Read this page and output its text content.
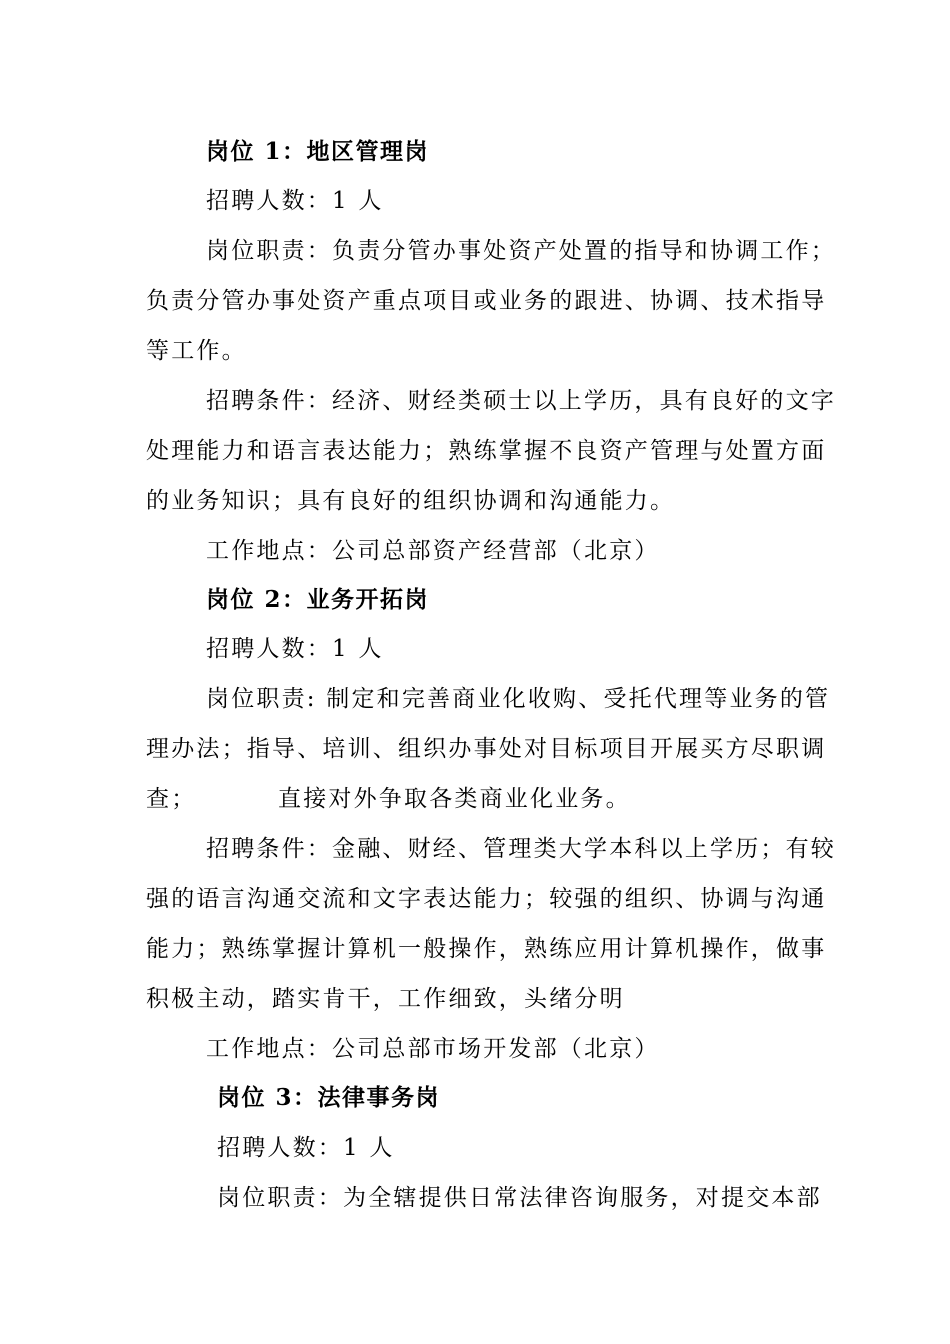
岗位 1：地区管理岗
招聘人数：1 人
岗位职责：负责分管办事处资产处置的指导和协调工作；
负责分管办事处资产重点项目或业务的跟进、协调、技术指导
等工作。
招聘条件：经济、财经类硕士以上学历，具有良好的文字
处理能力和语言表达能力；熟练掌握不良资产管理与处置方面
的业务知识；具有良好的组织协调和沟通能力。
工作地点：公司总部资产经营部（北京）
岗位 2：业务开拓岗
招聘人数：1 人
岗位职责: 制定和完善商业化收购、受托代理等业务的管
理办法；指导、培训、组织办事处对目标项目开展买方尽职调
查；	直接对外争取各类商业化业务。
招聘条件：金融、财经、管理类大学本科以上学历；有较
强的语言沟通交流和文字表达能力；较强的组织、协调与沟通
能力；熟练掌握计算机一般操作，熟练应用计算机操作，做事
积极主动，踏实肯干，工作细致，头绪分明
工作地点：公司总部市场开发部（北京）
岗位 3：法律事务岗
招聘人数：1 人
岗位职责：为全辖提供日常法律咨询服务，对提交本部
